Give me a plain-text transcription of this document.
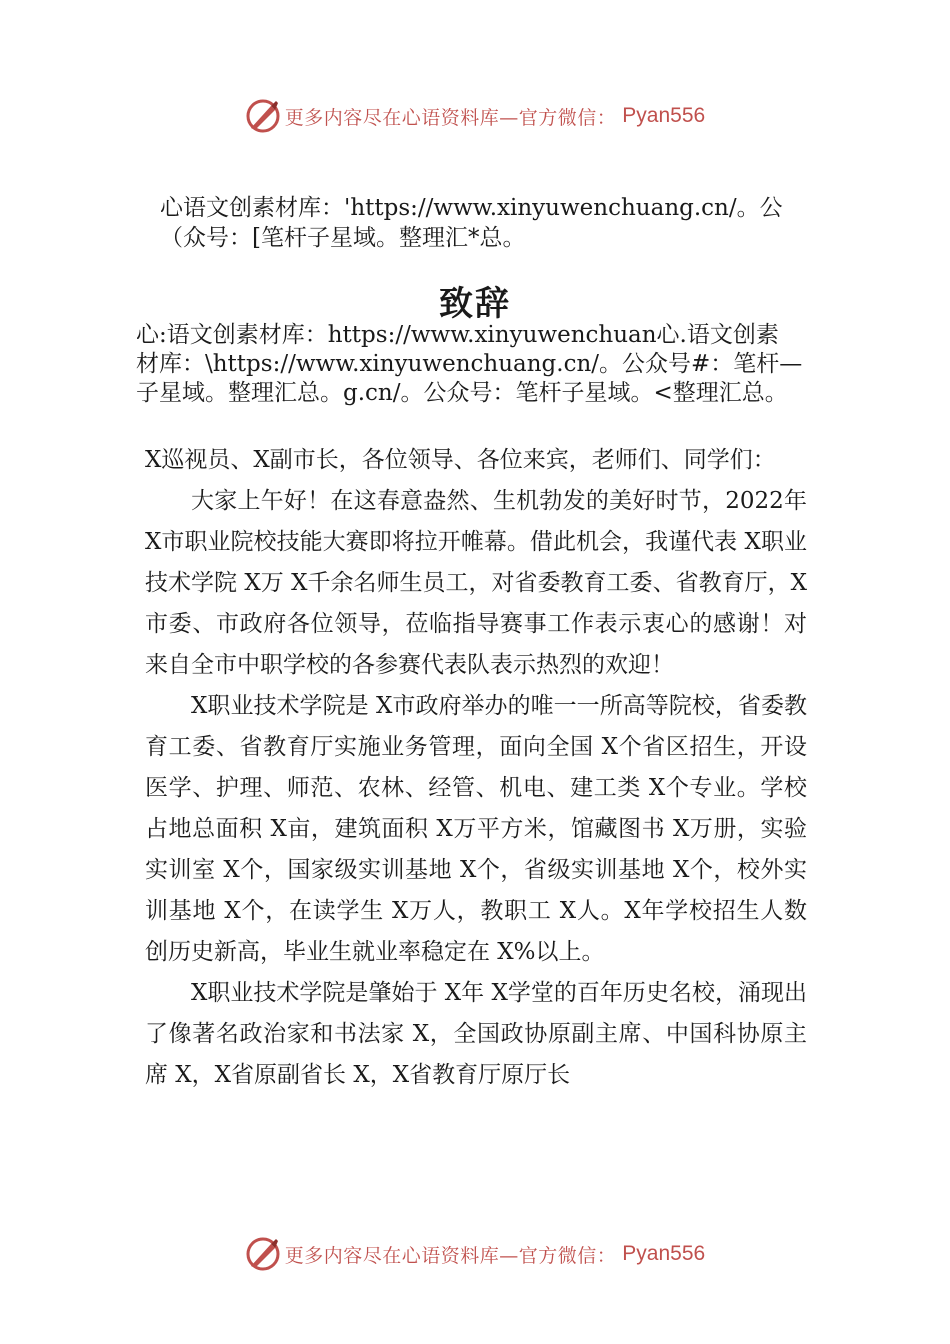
更多内容尽在心语资料库—官方微信： Pyan556
心语文创素材库：'https://www.xinyuwenchuang.cn/。公
（众号：[笔杆子星域。整理汇*总。
致辞
心:语文创素材库：https://www.xinyuwenchuan心.语文创素
材库：\https://www.xinyuwenchuang.cn/。公众号#：笔杆—
子星域。整理汇总。g.cn/。公众号：笔杆子星域。<整理汇总。

X巡视员、X副市长，各位领导、各位来宾，老师们、同学们：

大家上午好！在这春意盎然、生机勃发的美好时节，2022年 X市职业院校技能大赛即将拉开帷幕。借此机会，我谨代表 X职业技术学院 X万 X千余名师生员工，对省委教育工委、省教育厅，X市委、市政府各位领导，莅临指导赛事工作表示衷心的感谢！对来自全市中职学校的各参赛代表队表示热烈的欢迎！

X职业技术学院是 X市政府举办的唯一一所高等院校，省委教育工委、省教育厅实施业务管理，面向全国 X个省区招生，开设医学、护理、师范、农林、经管、机电、建工类 X个专业。学校占地总面积 X亩，建筑面积 X万平方米，馆藏图书 X万册，实验实训室 X个，国家级实训基地 X个，省级实训基地 X个，校外实训基地 X个，在读学生 X万人，教职工 X人。X年学校招生人数创历史新高，毕业生就业率稳定在 X%以上。

X职业技术学院是肇始于 X年 X学堂的百年历史名校，涌现出了像著名政治家和书法家 X，全国政协原副主席、中国科协原主席 X，X省原副省长 X，X省教育厅原厅长

更多内容尽在心语资料库—官方微信： Pyan556
